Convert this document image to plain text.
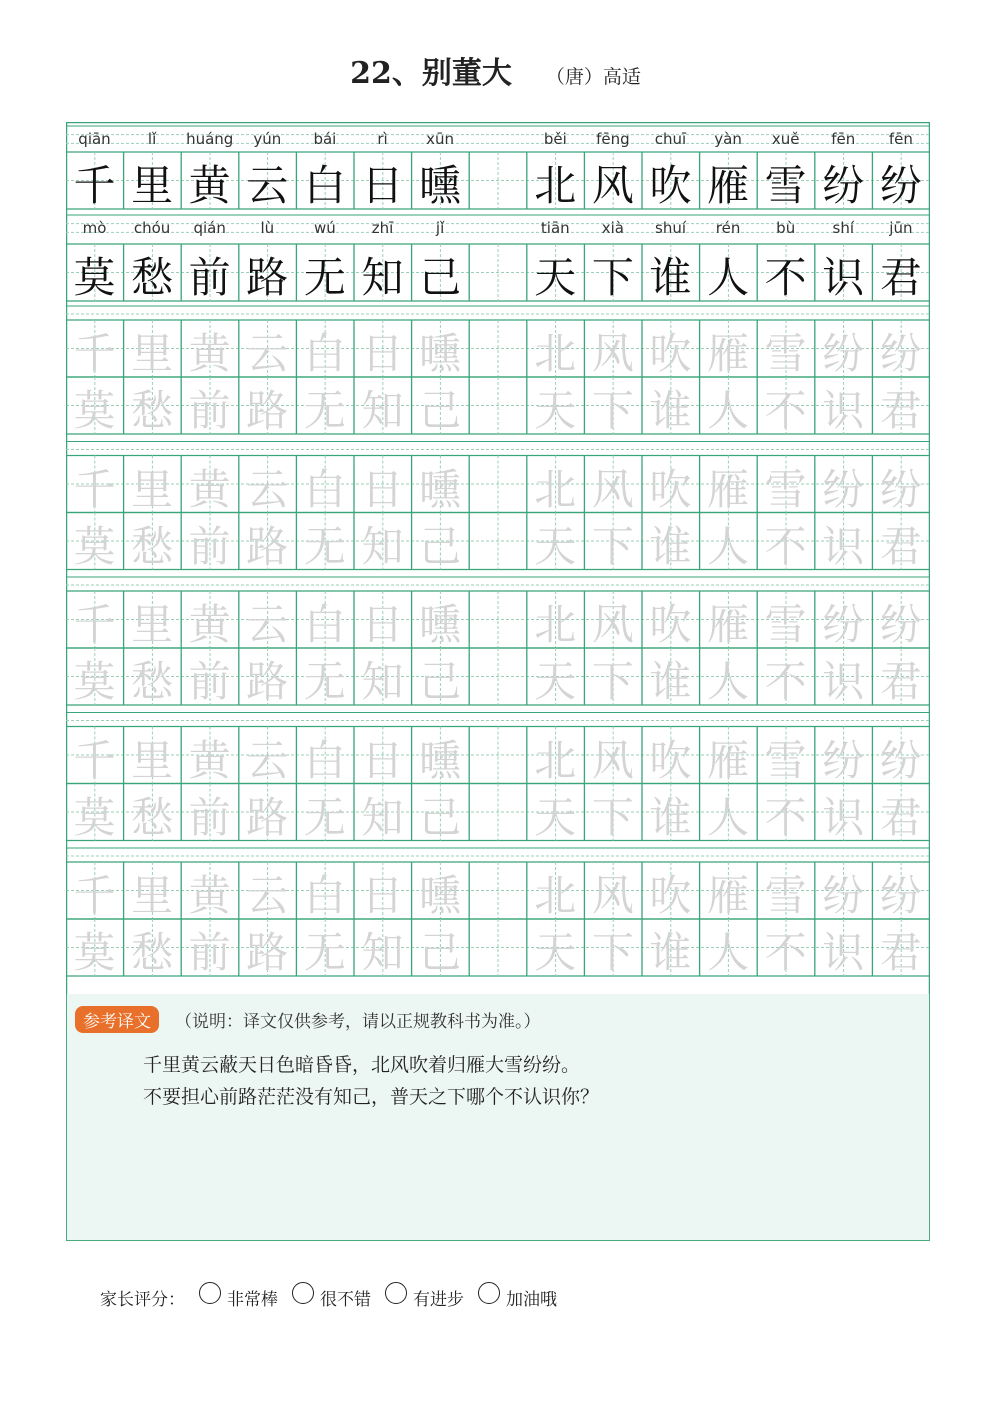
22、别董大 （唐）高适
qiān	lǐ	huáng	yún	bái	rì	xūn	běi	fēng	chuī	yàn	xuě	fēn	fēn
千 里 黄 云 白 日 曛 北 风 吹 雁 雪 纷 纷
mò	chóu	qián	lù	wú	zhī	jǐ	tiān	xià	shuí	rén	bù	shí	jūn
莫 愁 前 路 无 知 己 天 下 谁 人 不 识 君
千 里 黄 云 白 日 曛 北 风 吹 雁 雪 纷 纷
莫 愁 前 路 无 知 己 天 下 谁 人 不 识 君
千 里 黄 云 白 日 曛 北 风 吹 雁 雪 纷 纷
莫 愁 前 路 无 知 己 天 下 谁 人 不 识 君
千 里 黄 云 白 日 曛 北 风 吹 雁 雪 纷 纷
莫 愁 前 路 无 知 己 天 下 谁 人 不 识 君
千 里 黄 云 白 日 曛 北 风 吹 雁 雪 纷 纷
莫 愁 前 路 无 知 己 天 下 谁 人 不 识 君
千 里 黄 云 白 日 曛 北 风 吹 雁 雪 纷 纷
莫 愁 前 路 无 知 己 天 下 谁 人 不 识 君
参考译文	（说明：译文仅供参考，请以正规教科书为准。）
千里黄云蔽天日色暗昏昏，北风吹着归雁大雪纷纷。
不要担心前路茫茫没有知己，普天之下哪个不认识你？
家长评分： 非常棒 很不错 有进步 加油哦
